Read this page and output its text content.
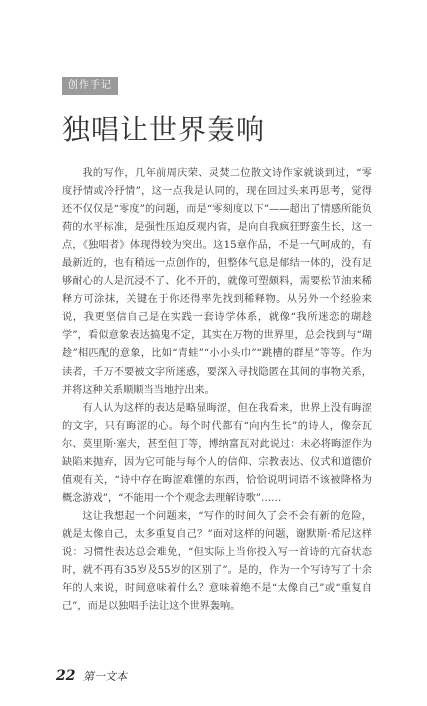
创作手记
独唱让世界轰响

我的写作，几年前周庆荣、灵焚二位散文诗作家就谈到过，“零度抒情或冷抒情”，这一点我是认同的，现在回过头来再思考，觉得还不仅仅是“零度”的问题，而是“零刻度以下”——超出了情感所能负荷的水平标准，是强性压迫反观内省，是向自我疯狂野蛮生长，这一点，《独唱者》体现得较为突出。这15章作品，不是一气呵成的，有最新近的，也有稍远一点创作的，但整体气息是郁结一体的，没有足够耐心的人是沉浸不了、化不开的，就像可塑颇料，需要松节油来稀释方可涂抹，关键在于你还得率先找到稀释物。从另外一个经验来说，我更坚信自己是在实践一套诗学体系，就像“我所迷恋的瑚趁学”，看似意象表达搞鬼不定，其实在万物的世界里，总会找到与“瑚趁”相匹配的意象，比如“青蛙”“小小头巾”“跳槽的群星”等等。作为读者，千万不要被文字所迷惑，要深入寻找隐匿在其间的事物关系，并将这种关系顺顺当当地拧出来。

有人认为这样的表达是略显晦涩，但在我看来，世界上没有晦涩的文字，只有晦涩的心。每个时代都有“向内生长”的诗人，像奈瓦尔、莫里斯·塞夫，甚至但丁等，博纳富瓦对此说过：未必将晦涩作为缺陷来抛弃，因为它可能与每个人的信仰、宗教表达、仪式和道德价值观有关，“诗中存在晦涩难懂的东西，恰恰说明词语不该被降格为概念游戏”，“不能用一个个观念去理解诗歌”……

这让我想起一个问题来，“写作的时间久了会不会有新的危险，就是太像自己，太多重复自己？”面对这样的问题，谢默斯·希尼这样说：习惯性表达总会难免，“但实际上当你投入写一首诗的亢奋状态时，就不再有35岁及55岁的区别了”。是的，作为一个写诗写了十余年的人来说，时间意味着什么？意味着绝不是“太像自己”或“重复自己”，而是以独唱手法让这个世界轰响。

22 第一文本
